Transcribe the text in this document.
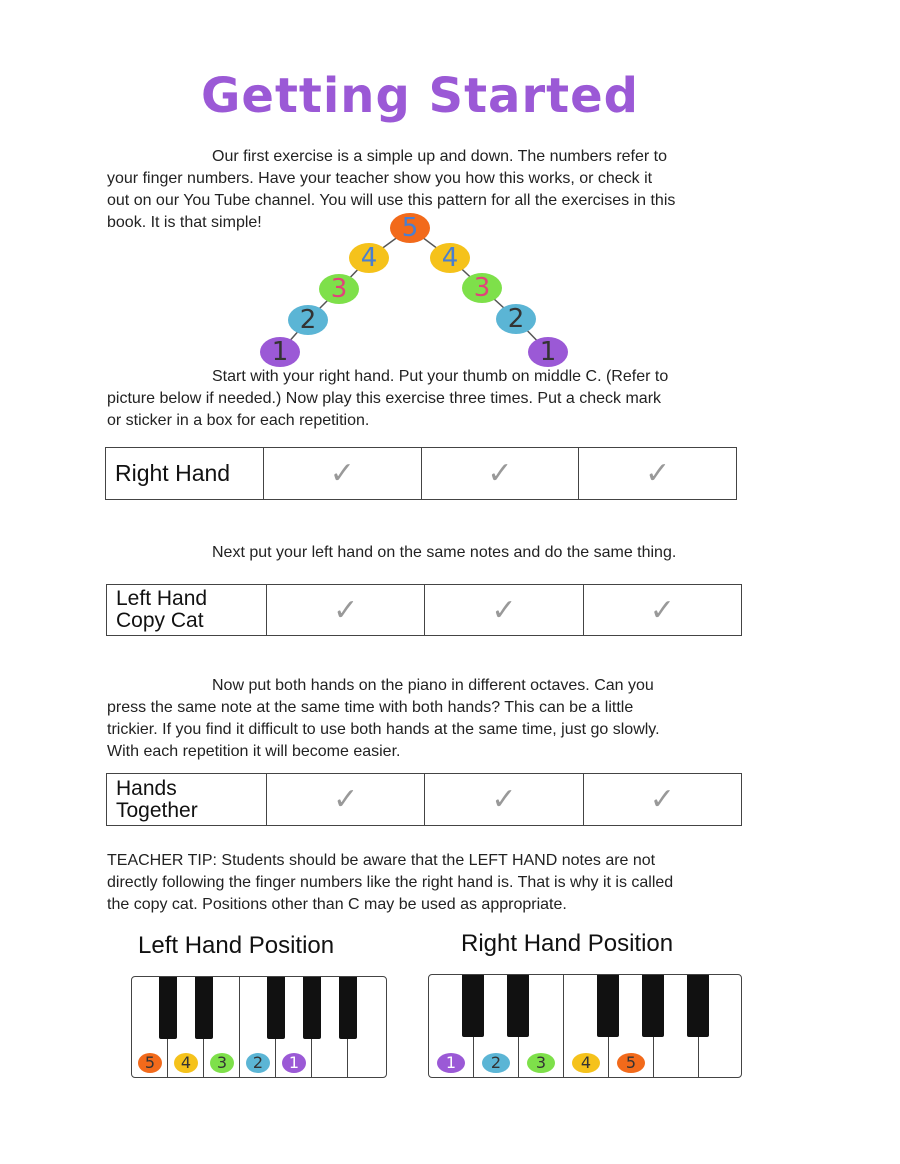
Getting Started
Our first exercise is a simple up and down. The numbers refer to
your finger numbers. Have your teacher show you how this works, or check it
out on our You Tube channel. You will use this pattern for all the exercises in this
book. It is that simple!
1
2
3
4
5
4
3
2
1
Start with your right hand. Put your thumb on middle C. (Refer to
picture below if needed.) Now play this exercise three times. Put a check mark
or sticker in a box for each repetition.
Right Hand	✓	✓	✓
Next put your left hand on the same notes and do the same thing.
Left Hand
Copy Cat	✓	✓	✓
Now put both hands on the piano in different octaves. Can you
press the same note at the same time with both hands? This can be a little
trickier. If you find it difficult to use both hands at the same time, just go slowly.
With each repetition it will become easier.
Hands
Together	✓	✓	✓
TEACHER TIP: Students should be aware that the LEFT HAND notes are not
directly following the finger numbers like the right hand is. That is why it is called
the copy cat. Positions other than C may be used as appropriate.
Left Hand Position	Right Hand Position
5	4	3	2	1	1	2	3	4	5
